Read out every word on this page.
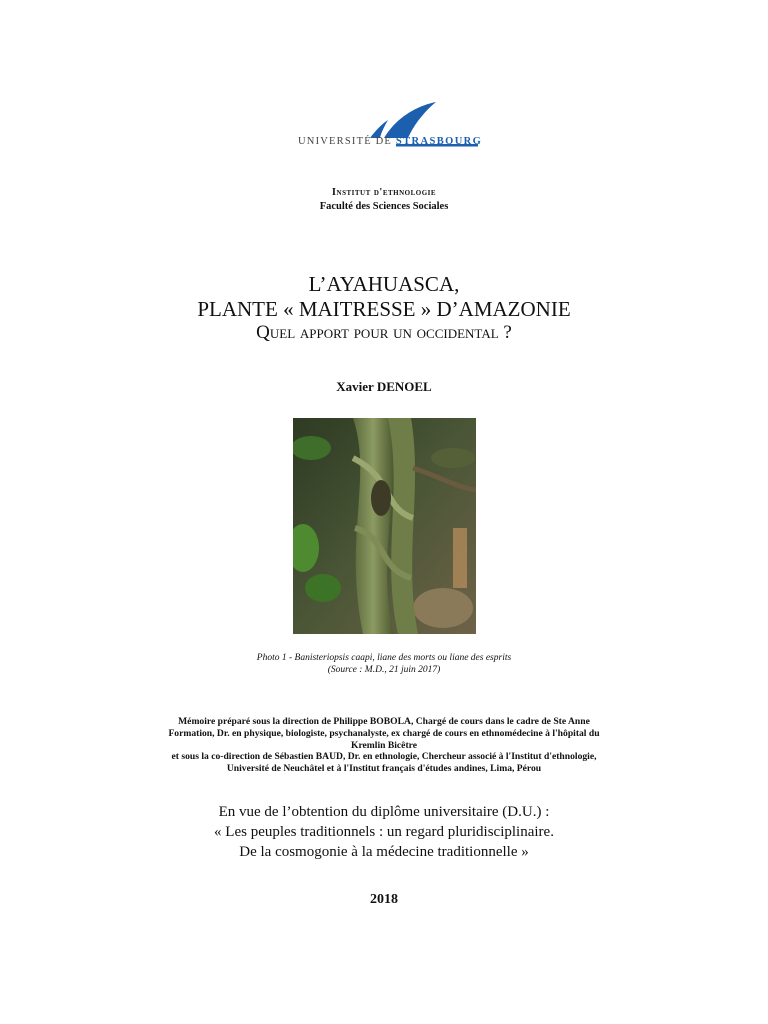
UNIVERSITÉ DE STRASBOURG
Institut d'ethnologie
Faculté des Sciences Sociales
L’AYAHUASCA,
PLANTE « MAITRESSE » D’AMAZONIE
Quel apport pour un occidental ?
Xavier DENOEL
Photo 1 - Banisteriopsis caapi, liane des morts ou liane des esprits
(Source : M.D., 21 juin 2017)
Mémoire préparé sous la direction de Philippe BOBOLA, Chargé de cours dans le cadre de Ste Anne
Formation, Dr. en physique, biologiste, psychanalyste, ex chargé de cours en ethnomédecine à l'hôpital du
Kremlin Bicêtre
et sous la co-direction de Sébastien BAUD, Dr. en ethnologie, Chercheur associé à l'Institut d'ethnologie,
Université de Neuchâtel et à l'Institut français d'études andines, Lima, Pérou
En vue de l’obtention du diplôme universitaire (D.U.) :
« Les peuples traditionnels : un regard pluridisciplinaire.
De la cosmogonie à la médecine traditionnelle »
2018
